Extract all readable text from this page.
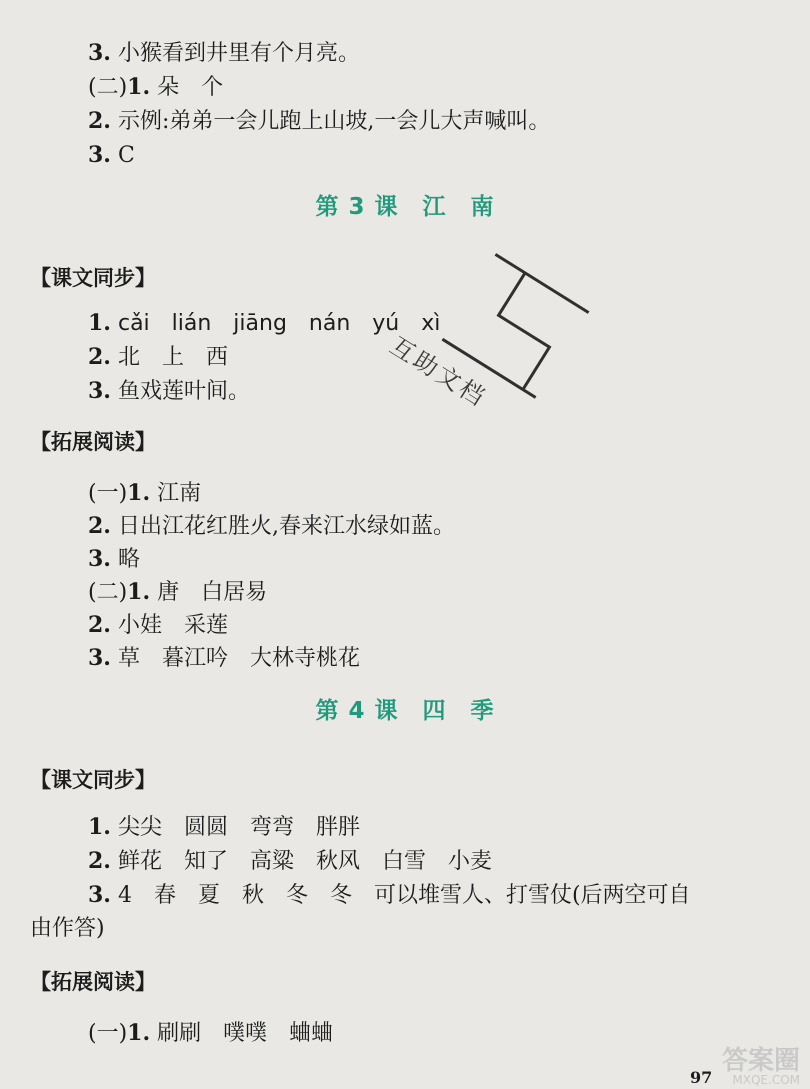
3. 小猴看到井里有个月亮。
(二)1. 朵　个
2. 示例:弟弟一会儿跑上山坡,一会儿大声喊叫。
3. C
第 3 课　江　南
【课文同步】
1. cǎi　lián　jiāng　nán　yú　xì
2. 北　上　西
3. 鱼戏莲叶间。
【拓展阅读】
(一)1. 江南
2. 日出江花红胜火,春来江水绿如蓝。
3. 略
(二)1. 唐　白居易
2. 小娃　采莲
3. 草　暮江吟　大林寺桃花
第 4 课　四　季
【课文同步】
1. 尖尖　圆圆　弯弯　胖胖
2. 鲜花　知了　高粱　秋风　白雪　小麦
3. 4　春　夏　秋　冬　冬　可以堆雪人、打雪仗(后两空可自
由作答)
【拓展阅读】
(一)1. 刷刷　噗噗　蛐蛐
互助文档
97
答案圈
MXQE.COM
